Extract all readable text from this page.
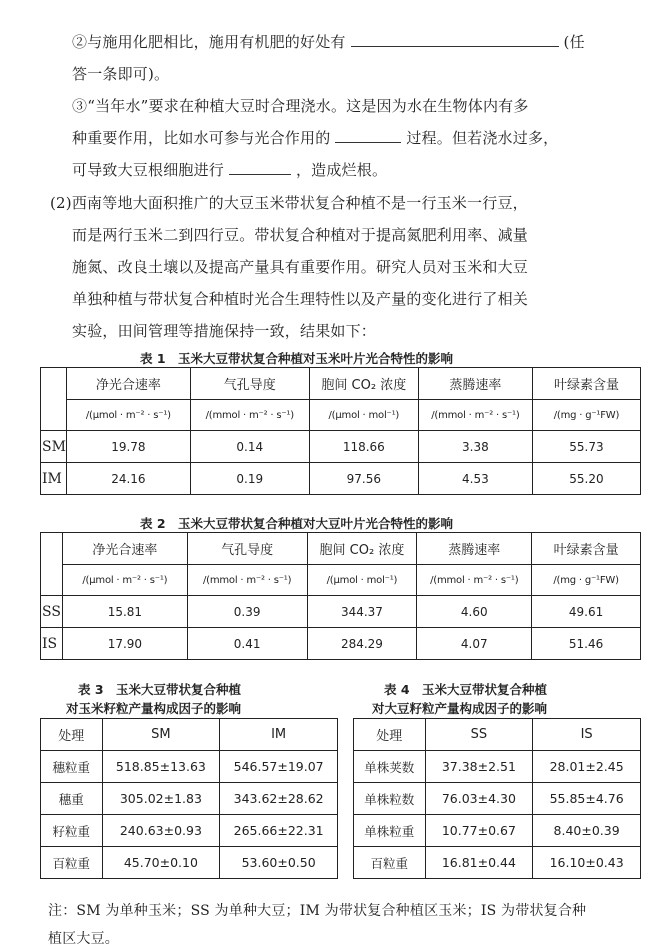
②与施用化肥相比，施用有机肥的好处有	(任
答一条即可)。
③“当年水”要求在种植大豆时合理浇水。这是因为水在生物体内有多
种重要作用，比如水可参与光合作用的	过程。但若浇水过多，
可导致大豆根细胞进行	，造成烂根。
(2)西南等地大面积推广的大豆玉米带状复合种植不是一行玉米一行豆，
而是两行玉米二到四行豆。带状复合种植对于提高氮肥利用率、减量
施氮、改良土壤以及提高产量具有重要作用。研究人员对玉米和大豆
单独种植与带状复合种植时光合生理特性以及产量的变化进行了相关
实验，田间管理等措施保持一致，结果如下：
表 1　玉米大豆带状复合种植对玉米叶片光合特性的影响
	净光合速率	气孔导度	胞间 CO₂ 浓度	蒸腾速率	叶绿素含量
	/(μmol · m⁻² · s⁻¹)	/(mmol · m⁻² · s⁻¹)	/(μmol · mol⁻¹)	/(mmol · m⁻² · s⁻¹)	/(mg · g⁻¹FW)
SM	19.78	0.14	118.66	3.38	55.73
IM	24.16	0.19	97.56	4.53	55.20
表 2　玉米大豆带状复合种植对大豆叶片光合特性的影响
	净光合速率	气孔导度	胞间 CO₂ 浓度	蒸腾速率	叶绿素含量
	/(μmol · m⁻² · s⁻¹)	/(mmol · m⁻² · s⁻¹)	/(μmol · mol⁻¹)	/(mmol · m⁻² · s⁻¹)	/(mg · g⁻¹FW)
SS	15.81	0.39	344.37	4.60	49.61
IS	17.90	0.41	284.29	4.07	51.46
表 3　玉米大豆带状复合种植
对玉米籽粒产量构成因子的影响
处理	SM	IM
穗粒重	518.85±13.63	546.57±19.07
穗重	305.02±1.83	343.62±28.62
籽粒重	240.63±0.93	265.66±22.31
百粒重	45.70±0.10	53.60±0.50
表 4　玉米大豆带状复合种植
对大豆籽粒产量构成因子的影响
处理	SS	IS
单株荚数	37.38±2.51	28.01±2.45
单株粒数	76.03±4.30	55.85±4.76
单株粒重	10.77±0.67	8.40±0.39
百粒重	16.81±0.44	16.10±0.43
注：SM 为单种玉米；SS 为单种大豆；IM 为带状复合种植区玉米；IS 为带状复合种
植区大豆。
